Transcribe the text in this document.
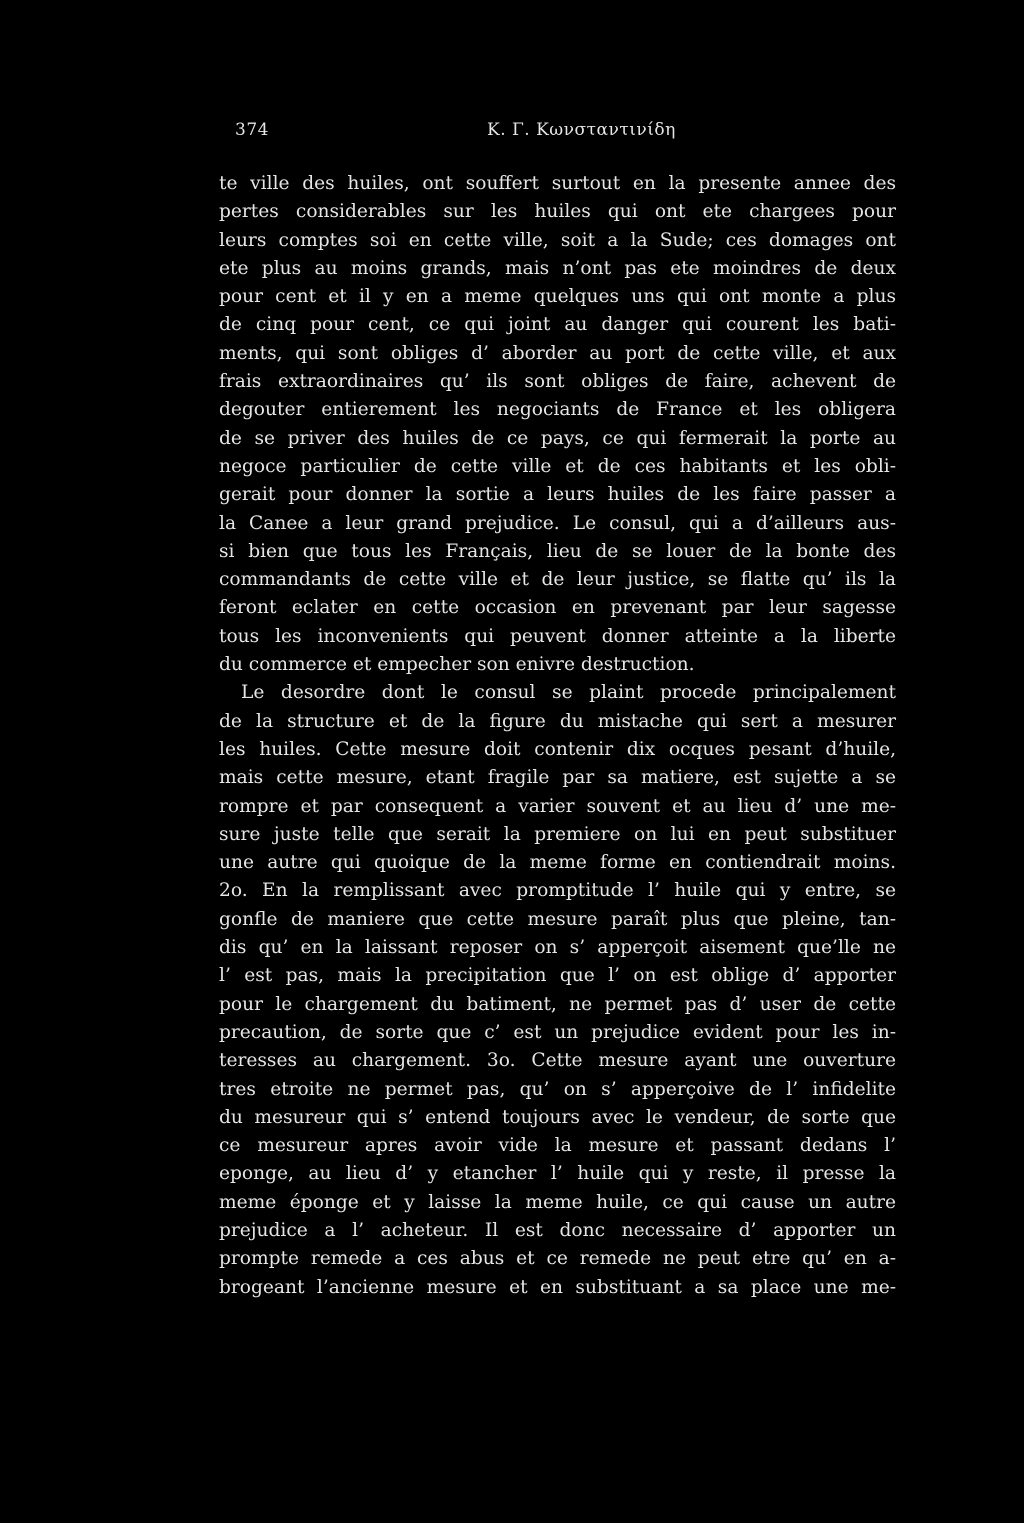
374	K. Γ. Κωνσταντινίδη
te ville des huiles, ont souffert surtout en la presente annee des
pertes considerables sur les huiles qui ont ete chargees pour
leurs comptes soi en cette ville, soit a la Sude; ces domages ont
ete plus au moins grands, mais n’ont pas ete moindres de deux
pour cent et il y en a meme quelques uns qui ont monte a plus
de cinq pour cent, ce qui joint au danger qui courent les bati-
ments, qui sont obliges d’ aborder au port de cette ville, et aux
frais extraordinaires qu’ ils sont obliges de faire, achevent de
degouter entierement les negociants de France et les obligera
de se priver des huiles de ce pays, ce qui fermerait la porte au
negoce particulier de cette ville et de ces habitants et les obli-
gerait pour donner la sortie a leurs huiles de les faire passer a
la Canee a leur grand prejudice. Le consul, qui a d’ailleurs aus-
si bien que tous les Français, lieu de se louer de la bonte des
commandants de cette ville et de leur justice, se flatte qu’ ils la
feront eclater en cette occasion en prevenant par leur sagesse
tous les inconvenients qui peuvent donner atteinte a la liberte
du commerce et empecher son enivre destruction.
Le desordre dont le consul se plaint procede principalement
de la structure et de la figure du mistache qui sert a mesurer
les huiles. Cette mesure doit contenir dix ocques pesant d’huile,
mais cette mesure, etant fragile par sa matiere, est sujette a se
rompre et par consequent a varier souvent et au lieu d’ une me-
sure juste telle que serait la premiere on lui en peut substituer
une autre qui quoique de la meme forme en contiendrait moins.
2o. En la remplissant avec promptitude l’ huile qui y entre, se
gonfle de maniere que cette mesure paraît plus que pleine, tan-
dis qu’ en la laissant reposer on s’ apperçoit aisement que’lle ne
l’ est pas, mais la precipitation que l’ on est oblige d’ apporter
pour le chargement du batiment, ne permet pas d’ user de cette
precaution, de sorte que c’ est un prejudice evident pour les in-
teresses au chargement. 3o. Cette mesure ayant une ouverture
tres etroite ne permet pas, qu’ on s’ apperçoive de l’ infidelite
du mesureur qui s’ entend toujours avec le vendeur, de sorte que
ce mesureur apres avoir vide la mesure et passant dedans l’
eponge, au lieu d’ y etancher l’ huile qui y reste, il presse la
meme éponge et y laisse la meme huile, ce qui cause un autre
prejudice a l’ acheteur. Il est donc necessaire d’ apporter un
prompte remede a ces abus et ce remede ne peut etre qu’ en a-
brogeant l’ancienne mesure et en substituant a sa place une me-
